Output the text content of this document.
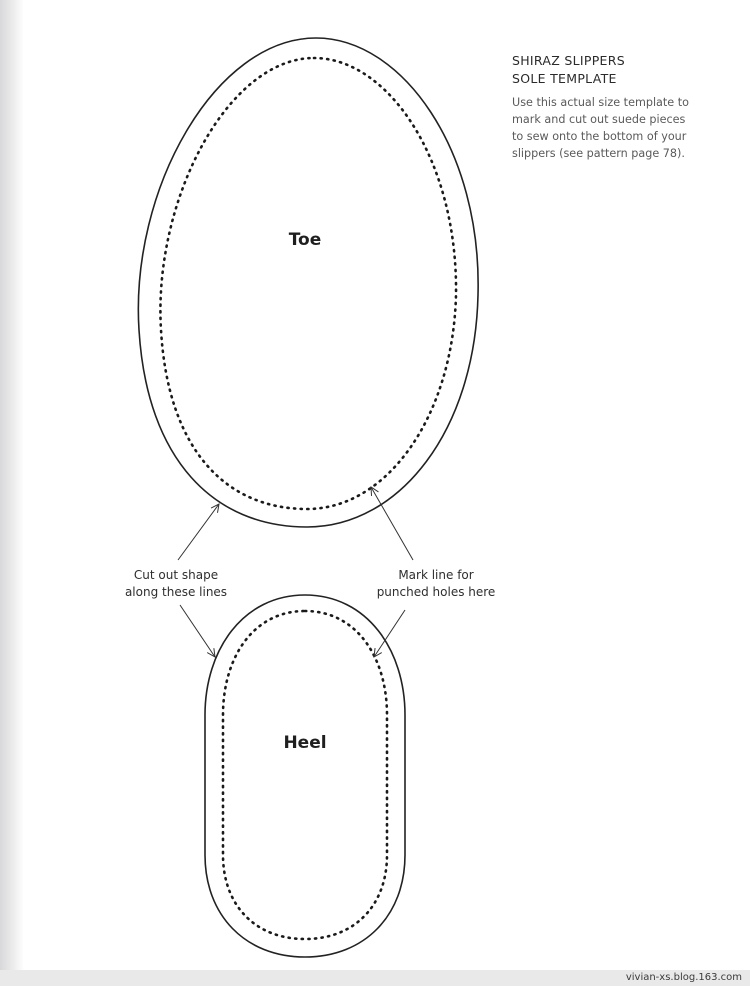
SHIRAZ SLIPPERS
SOLE TEMPLATE
Use this actual size template to
mark and cut out suede pieces
to sew onto the bottom of your
slippers (see pattern page 78).
Toe
Heel
Cut out shape
along these lines
Mark line for
punched holes here
vivian-xs.blog.163.com
